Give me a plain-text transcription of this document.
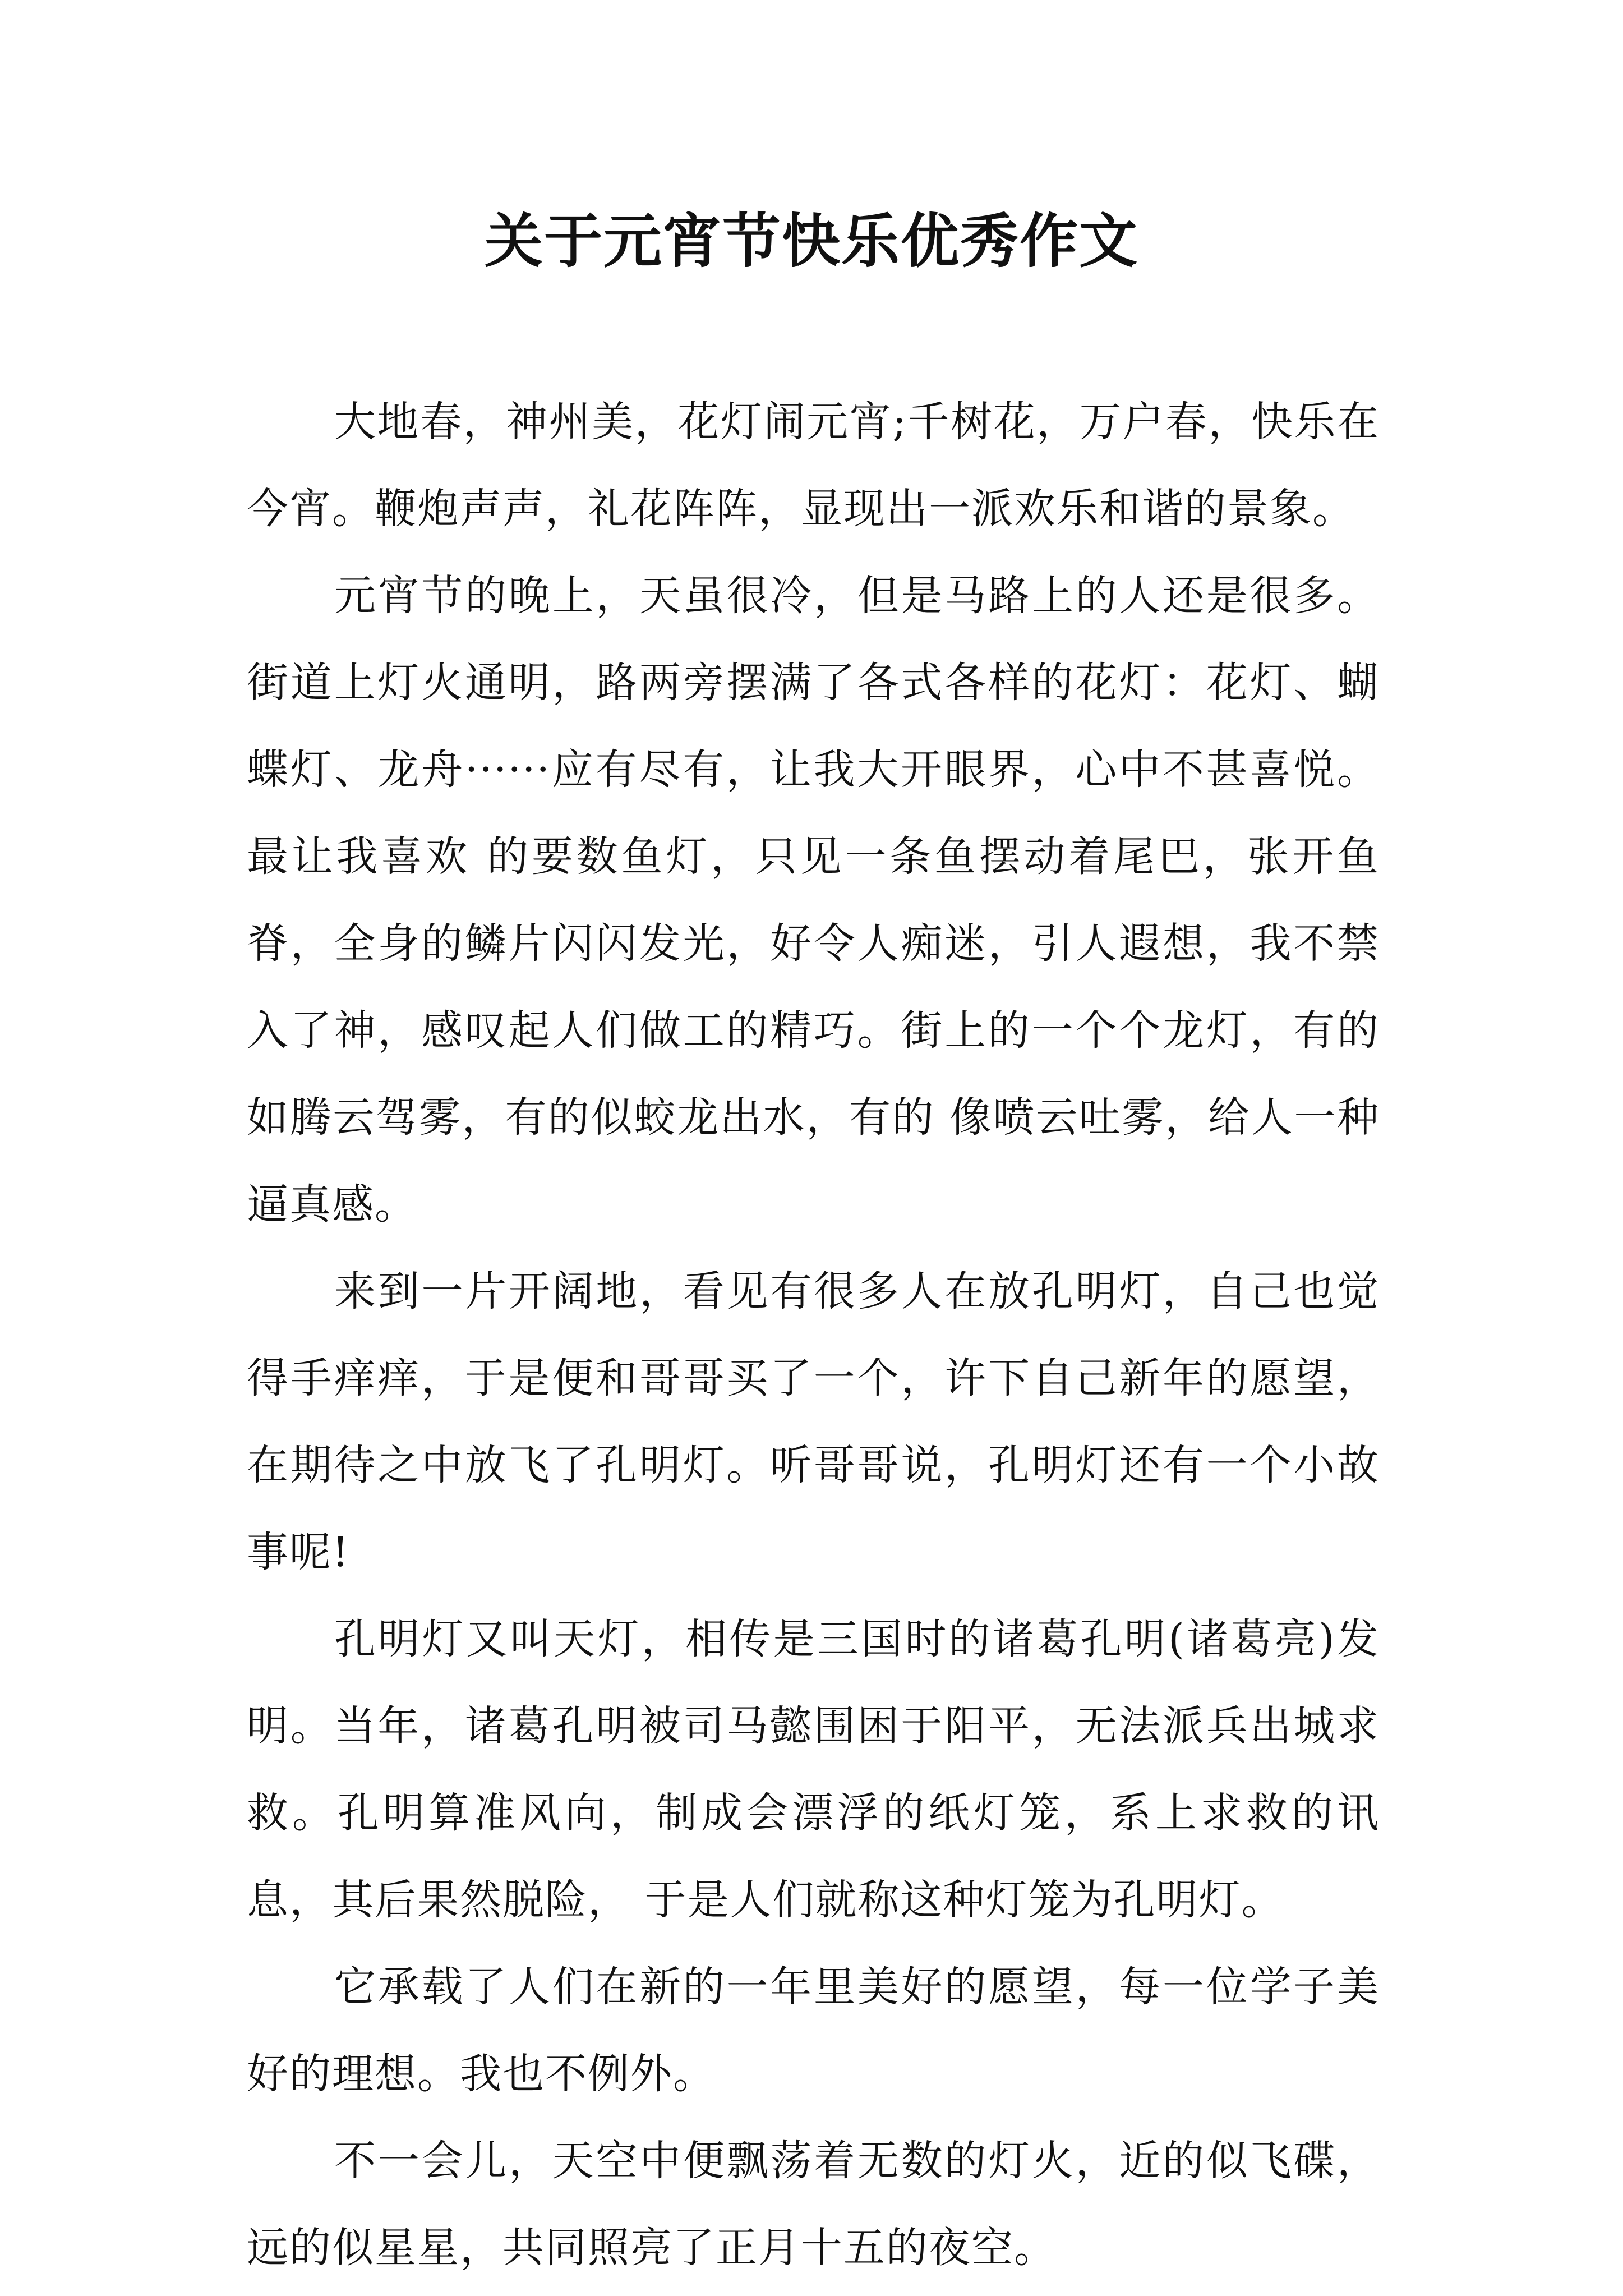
关于元宵节快乐优秀作文

大地春，神州美，花灯闹元宵;千树花，万户春，快乐在今宵。鞭炮声声，礼花阵阵，显现出一派欢乐和谐的景象。

元宵节的晚上，天虽很冷，但是马路上的人还是很多。街道上灯火通明，路两旁摆满了各式各样的花灯：花灯、蝴蝶灯、龙舟······应有尽有，让我大开眼界，心中不甚喜悦。最让我喜欢 的要数鱼灯，只见一条鱼摆动着尾巴，张开鱼脊，全身的鳞片闪闪发光，好令人痴迷，引人遐想，我不禁入了神，感叹起人们做工的精巧。街上的一个个龙灯，有的如腾云驾雾，有的似蛟龙出水，有的 像喷云吐雾，给人一种逼真感。

来到一片开阔地，看见有很多人在放孔明灯，自己也觉得手痒痒，于是便和哥哥买了一个，许下自己新年的愿望，在期待之中放飞了孔明灯。听哥哥说，孔明灯还有一个小故事呢!

孔明灯又叫天灯，相传是三国时的诸葛孔明(诸葛亮)发明。当年，诸葛孔明被司马懿围困于阳平，无法派兵出城求救。孔明算准风向，制成会漂浮的纸灯笼，系上求救的讯息，其后果然脱险， 于是人们就称这种灯笼为孔明灯。

它承载了人们在新的一年里美好的愿望，每一位学子美好的理想。我也不例外。

不一会儿，天空中便飘荡着无数的灯火，近的似飞碟，远的似星星，共同照亮了正月十五的夜空。
